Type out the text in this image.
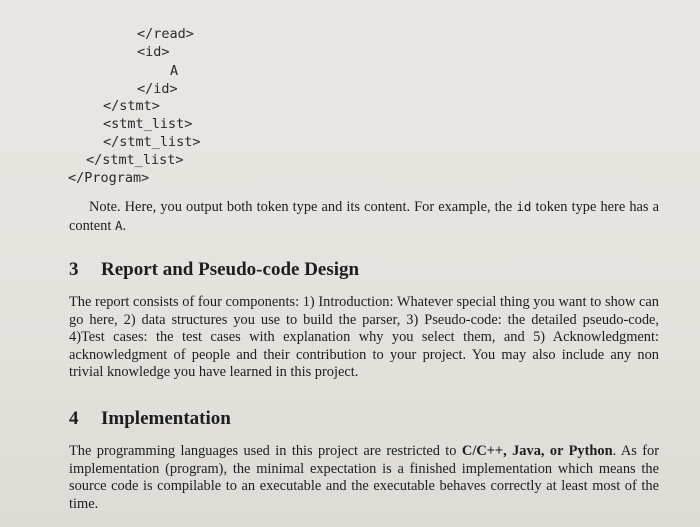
</read>
<id>
A
</id>
</stmt>
<stmt_list>
</stmt_list>
</stmt_list>
</Program>
Note. Here, you output both token type and its content. For example, the id token type here has a content A.
3 Report and Pseudo-code Design
The report consists of four components: 1) Introduction: Whatever special thing you want to show can go here, 2) data structures you use to build the parser, 3) Pseudo-code: the detailed pseudo-code, 4)Test cases: the test cases with explanation why you select them, and 5) Acknowledgment: acknowledgment of people and their contribution to your project. You may also include any non trivial knowledge you have learned in this project.
4 Implementation
The programming languages used in this project are restricted to C/C++, Java, or Python. As for implementation (program), the minimal expectation is a finished implementation which means the source code is compilable to an executable and the executable behaves correctly at least most of the time.
